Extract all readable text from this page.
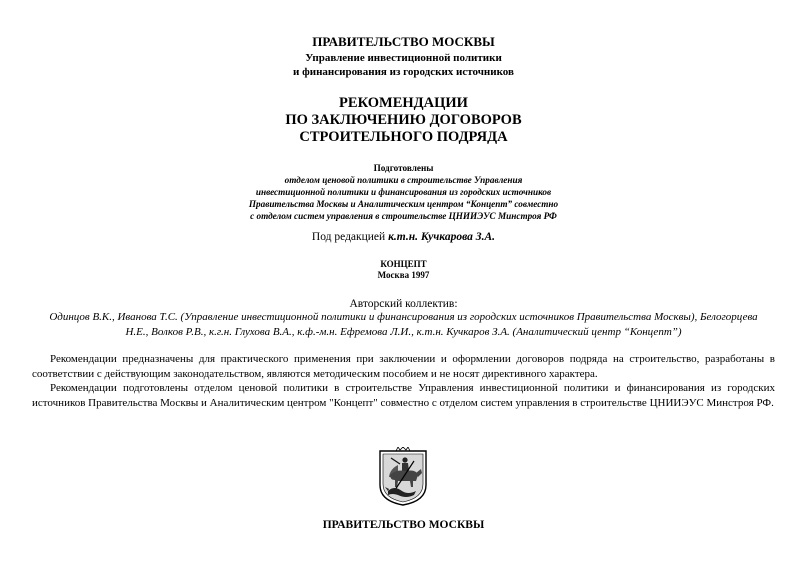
ПРАВИТЕЛЬСТВО МОСКВЫ
Управление инвестиционной политики
и финансирования из городских источников
РЕКОМЕНДАЦИИ
ПО ЗАКЛЮЧЕНИЮ ДОГОВОРОВ
СТРОИТЕЛЬНОГО ПОДРЯДА
Подготовлены
отделом ценовой политики в строительстве Управления
инвестиционной политики и финансирования из городских источников
Правительства Москвы и Аналитическим центром “Концепт” совместно
с отделом систем управления в строительстве ЦНИИЭУС Минстроя РФ
Под редакцией к.т.н. Кучкарова З.А.
КОНЦЕПТ
Москва 1997
Авторский коллектив:
Одинцов В.К., Иванова Т.С. (Управление инвестиционной политики и финансирования из городских источников Правительства Москвы), Белогорцева
Н.Е., Волков Р.В., к.г.н. Глухова В.А., к.ф.-м.н. Ефремова Л.И., к.т.н. Кучкаров З.А. (Аналитический центр “Концепт”)

Рекомендации предназначены для практического применения при заключении и оформлении договоров подряда на строительство, разработаны в соответствии с действующим законодательством, являются методическим пособием и не носят директивного характера.

Рекомендации подготовлены отделом ценовой политики в строительстве Управления инвестиционной политики и финансирования из городских источников Правительства Москвы и Аналитическим центром "Концепт" совместно с отделом систем управления в строительстве ЦНИИЭУС Минстроя РФ.

ПРАВИТЕЛЬСТВО МОСКВЫ
